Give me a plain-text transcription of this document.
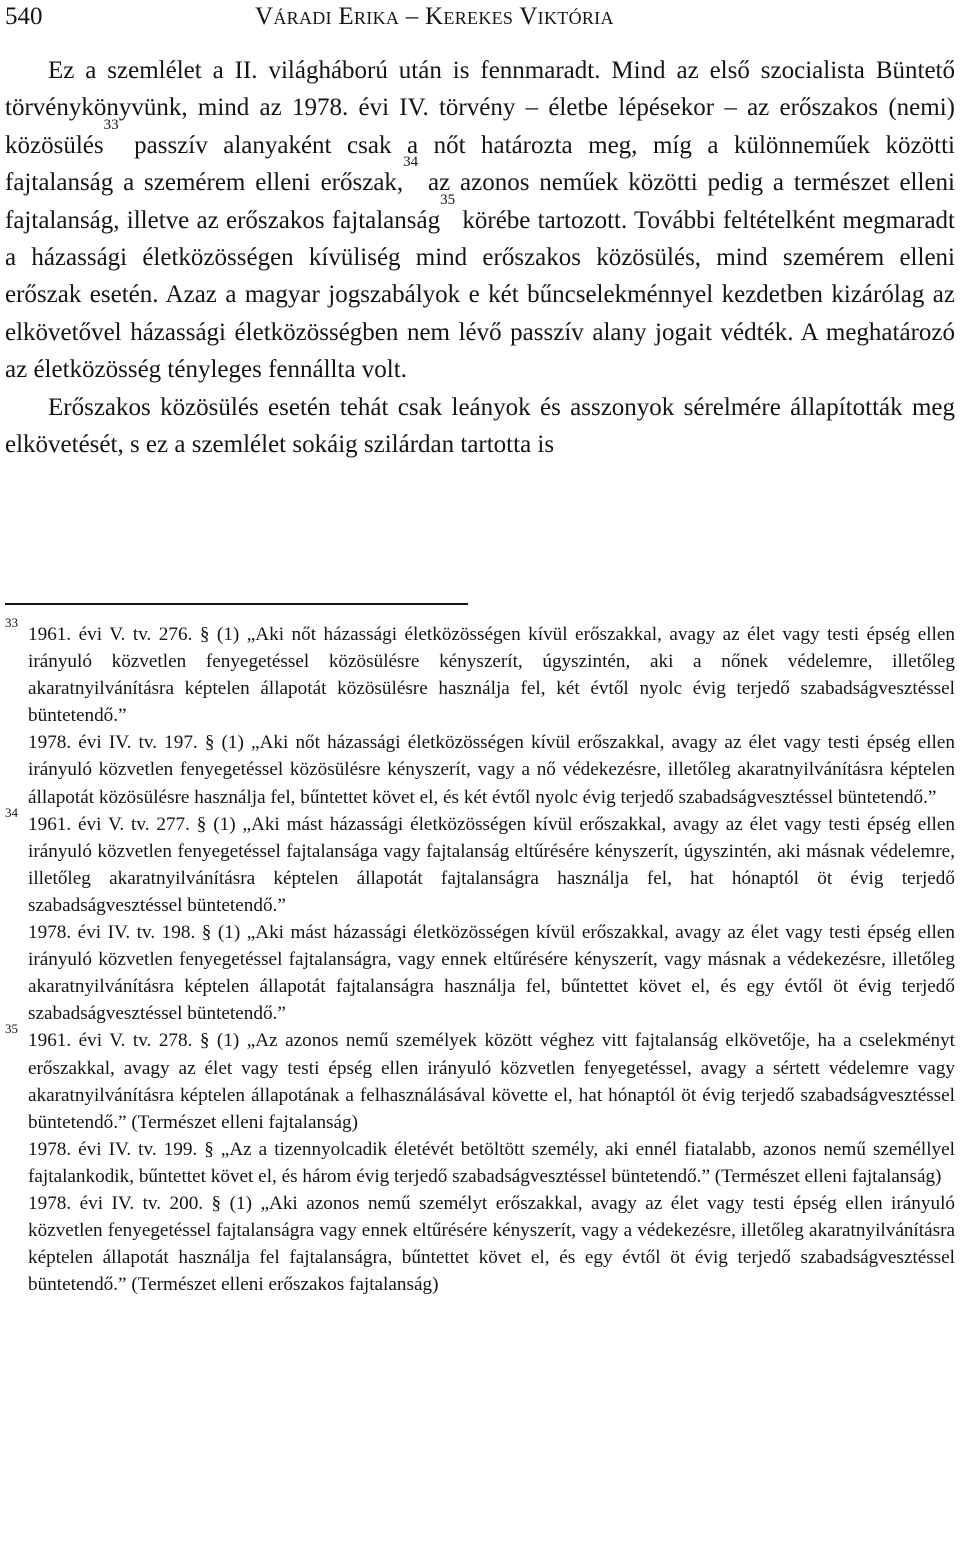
540	Váradi Erika – Kerekes Viktória

Ez a szemlélet a II. világháború után is fennmaradt. Mind az első szocialista Büntető törvénykönyvünk, mind az 1978. évi IV. törvény – életbe lépésekor – az erőszakos (nemi) közösülés$^{33}$ passzív alanyaként csak a nőt határozta meg, míg a különneműek közötti fajtalanság a szemérem elleni erőszak,$^{34}$ az azonos neműek közötti pedig a természet elleni fajtalanság, illetve az erőszakos fajtalanság$^{35}$ körébe tartozott. További feltételként megmaradt a házassági életközösségen kívüliség mind erőszakos közösülés, mind szemérem elleni erőszak esetén. Azaz a magyar jogszabályok e két bűncselekménnyel kezdetben kizárólag az elkövetővel házassági életközösségben nem lévő passzív alany jogait védték. A meghatározó az életközösség tényleges fennállta volt.

Erőszakos közösülés esetén tehát csak leányok és asszonyok sérelmére állapították meg elkövetését, s ez a szemlélet sokáig szilárdan tartotta is

33

1961. évi V. tv. 276. § (1) „Aki nőt házassági életközösségen kívül erőszakkal, avagy az élet vagy testi épség ellen irányuló közvetlen fenyegetéssel közösülésre kényszerít, úgyszintén, aki a nőnek védelemre, illetőleg akaratnyilvánításra képtelen állapotát közösülésre használja fel, két évtől nyolc évig terjedő szabadságvesztéssel büntetendő.”

1978. évi IV. tv. 197. § (1) „Aki nőt házassági életközösségen kívül erőszakkal, avagy az élet vagy testi épség ellen irányuló közvetlen fenyegetéssel közösülésre kényszerít, vagy a nő védekezésre, illetőleg akaratnyilvánításra képtelen állapotát közösülésre használja fel, bűntettet követ el, és két évtől nyolc évig terjedő szabadságvesztéssel büntetendő.”

34

1961. évi V. tv. 277. § (1) „Aki mást házassági életközösségen kívül erőszakkal, avagy az élet vagy testi épség ellen irányuló közvetlen fenyegetéssel fajtalansága vagy fajtalanság eltűrésére kényszerít, úgyszintén, aki másnak védelemre, illetőleg akaratnyilvánításra képtelen állapotát fajtalanságra használja fel, hat hónaptól öt évig terjedő szabadságvesztéssel büntetendő.”

1978. évi IV. tv. 198. § (1) „Aki mást házassági életközösségen kívül erőszakkal, avagy az élet vagy testi épség ellen irányuló közvetlen fenyegetéssel fajtalanságra, vagy ennek eltűrésére kényszerít, vagy másnak a védekezésre, illetőleg akaratnyilvánításra képtelen állapotát fajtalanságra használja fel, bűntettet követ el, és egy évtől öt évig terjedő szabadságvesztéssel büntetendő.”

35

1961. évi V. tv. 278. § (1) „Az azonos nemű személyek között véghez vitt fajtalanság elkövetője, ha a cselekményt erőszakkal, avagy az élet vagy testi épség ellen irányuló közvetlen fenyegetéssel, avagy a sértett védelemre vagy akaratnyilvánításra képtelen állapotának a felhasználásával követte el, hat hónaptól öt évig terjedő szabadságvesztéssel büntetendő.” (Természet elleni fajtalanság)

1978. évi IV. tv. 199. § „Az a tizennyolcadik életévét betöltött személy, aki ennél fiatalabb, azonos nemű személlyel fajtalankodik, bűntettet követ el, és három évig terjedő szabadságvesztéssel büntetendő.” (Természet elleni fajtalanság)

1978. évi IV. tv. 200. § (1) „Aki azonos nemű személyt erőszakkal, avagy az élet vagy testi épség ellen irányuló közvetlen fenyegetéssel fajtalanságra vagy ennek eltűrésére kényszerít, vagy a védekezésre, illetőleg akaratnyilvánításra képtelen állapotát használja fel fajtalanságra, bűntettet követ el, és egy évtől öt évig terjedő szabadságvesztéssel büntetendő.” (Természet elleni erőszakos fajtalanság)
